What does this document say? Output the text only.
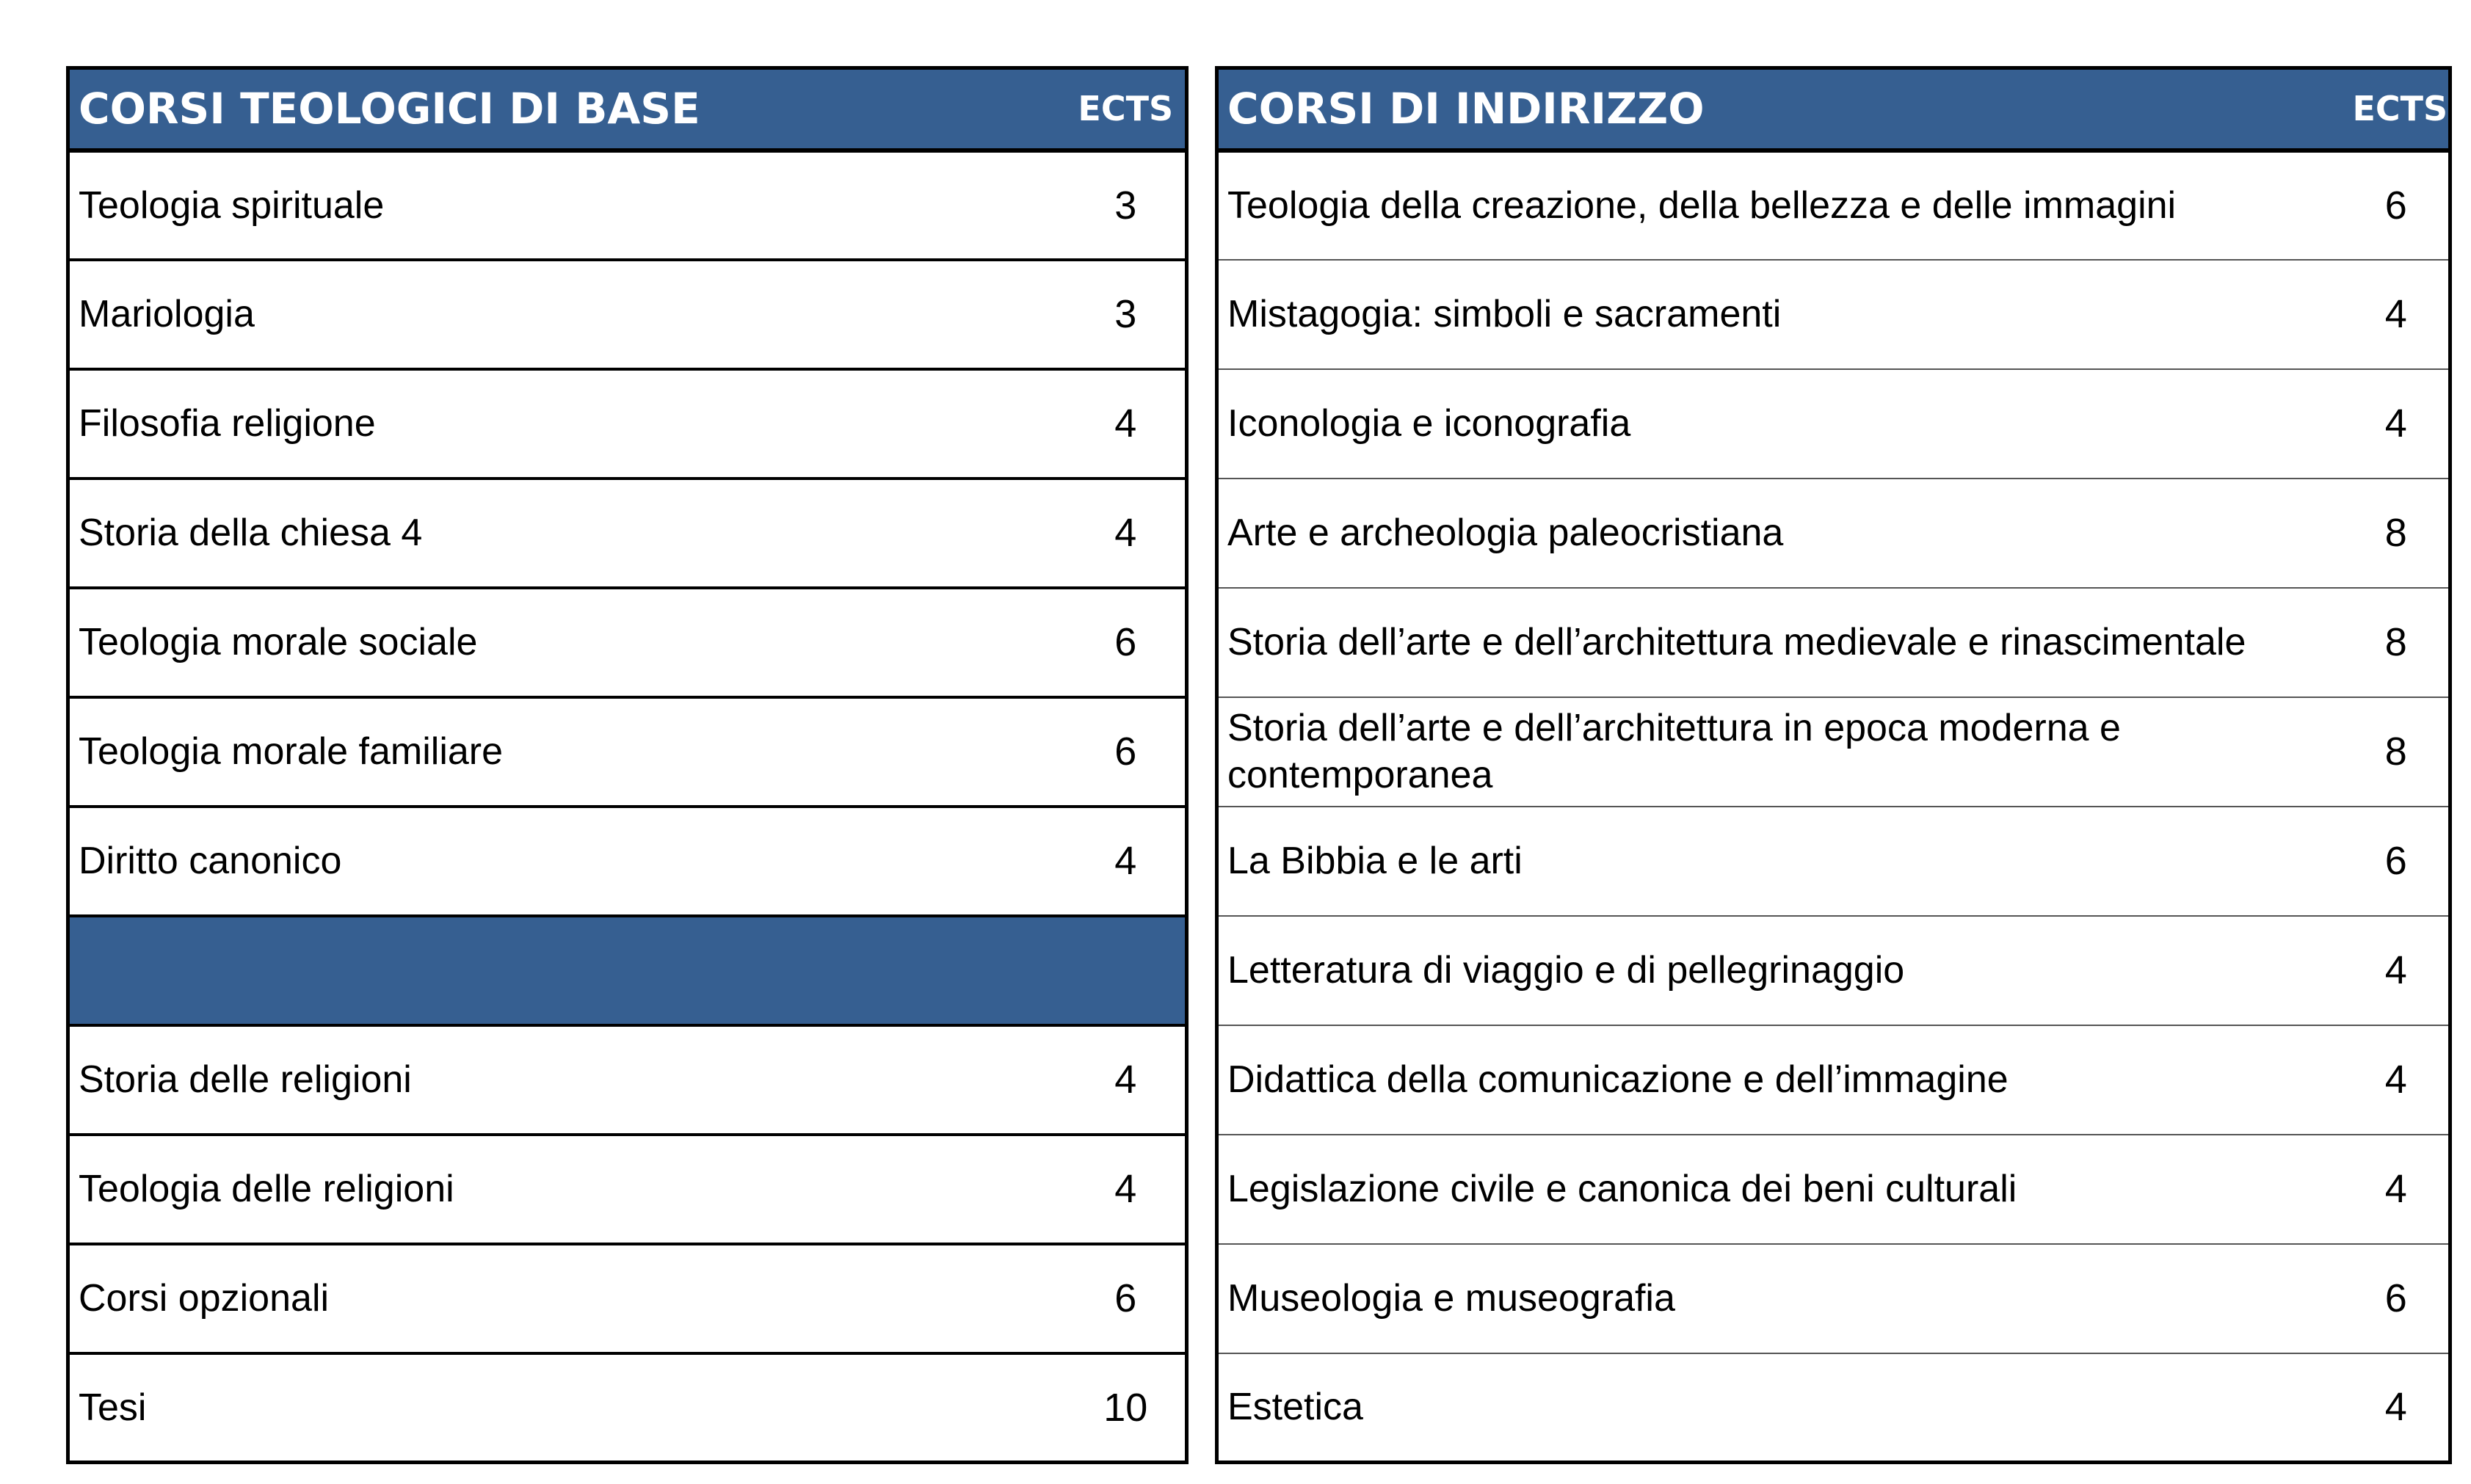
CORSI TEOLOGICI DI BASE	ECTS
Teologia spirituale	3
Mariologia	3
Filosofia religione	4
Storia della chiesa 4	4
Teologia morale sociale	6
Teologia morale familiare	6
Diritto canonico	4

Storia delle religioni	4
Teologia delle religioni	4
Corsi opzionali	6
Tesi	10
CORSI DI INDIRIZZO	ECTS
Teologia della creazione, della bellezza e delle immagini	6
Mistagogia: simboli e sacramenti	4
Iconologia e iconografia	4
Arte e archeologia paleocristiana	8
Storia dell’arte e dell’architettura medievale e rinascimentale	8
Storia dell’arte e dell’architettura in epoca moderna e contemporanea	8
La Bibbia e le arti	6
Letteratura di viaggio e di pellegrinaggio	4
Didattica della comunicazione e dell’immagine	4
Legislazione civile e canonica dei beni culturali	4
Museologia e museografia	6
Estetica	4
